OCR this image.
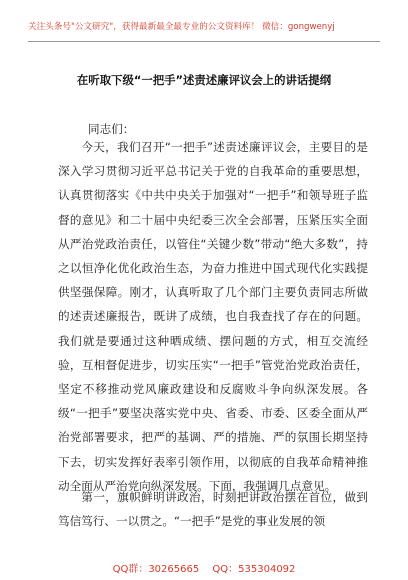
关注头条号"公文研究"，获得最新最全最专业的公文资料库！ 微信：gongwenyj
在听取下级“一把手”述责述廉评议会上的讲话提纲
同志们：

今天，我们召开“一把手”述责述廉评议会，主要目的是深入学习贯彻习近平总书记关于党的自我革命的重要思想，认真贯彻落实《中共中央关于加强对“一把手”和领导班子监督的意见》和二十届中央纪委三次全会部署，压紧压实全面从严治党政治责任，以管住“关键少数”带动“绝大多数”，持之以恒净化优化政治生态，为奋力推进中国式现代化实践提供坚强保障。刚才，认真听取了几个部门主要负责同志所做的述责述廉报告，既讲了成绩，也自我查找了存在的问题。我们就是要通过这种晒成绩、摆问题的方式，相互交流经验，互相督促进步，切实压实“一把手”管党治党政治责任，坚定不移推动党风廉政建设和反腐败斗争向纵深发展。各级“一把手”要坚决落实党中央、省委、市委、区委全面从严治党部署要求，把严的基调、严的措施、严的氛围长期坚持下去，切实发挥好表率引领作用，以彻底的自我革命精神推动全面从严治党向纵深发展。下面，我强调几点意见。

第一，旗帜鲜明讲政治，时刻把讲政治摆在首位，做到笃信笃行、一以贯之。“一把手”是党的事业发展的领

QQ群：30265665 QQ：535304092
